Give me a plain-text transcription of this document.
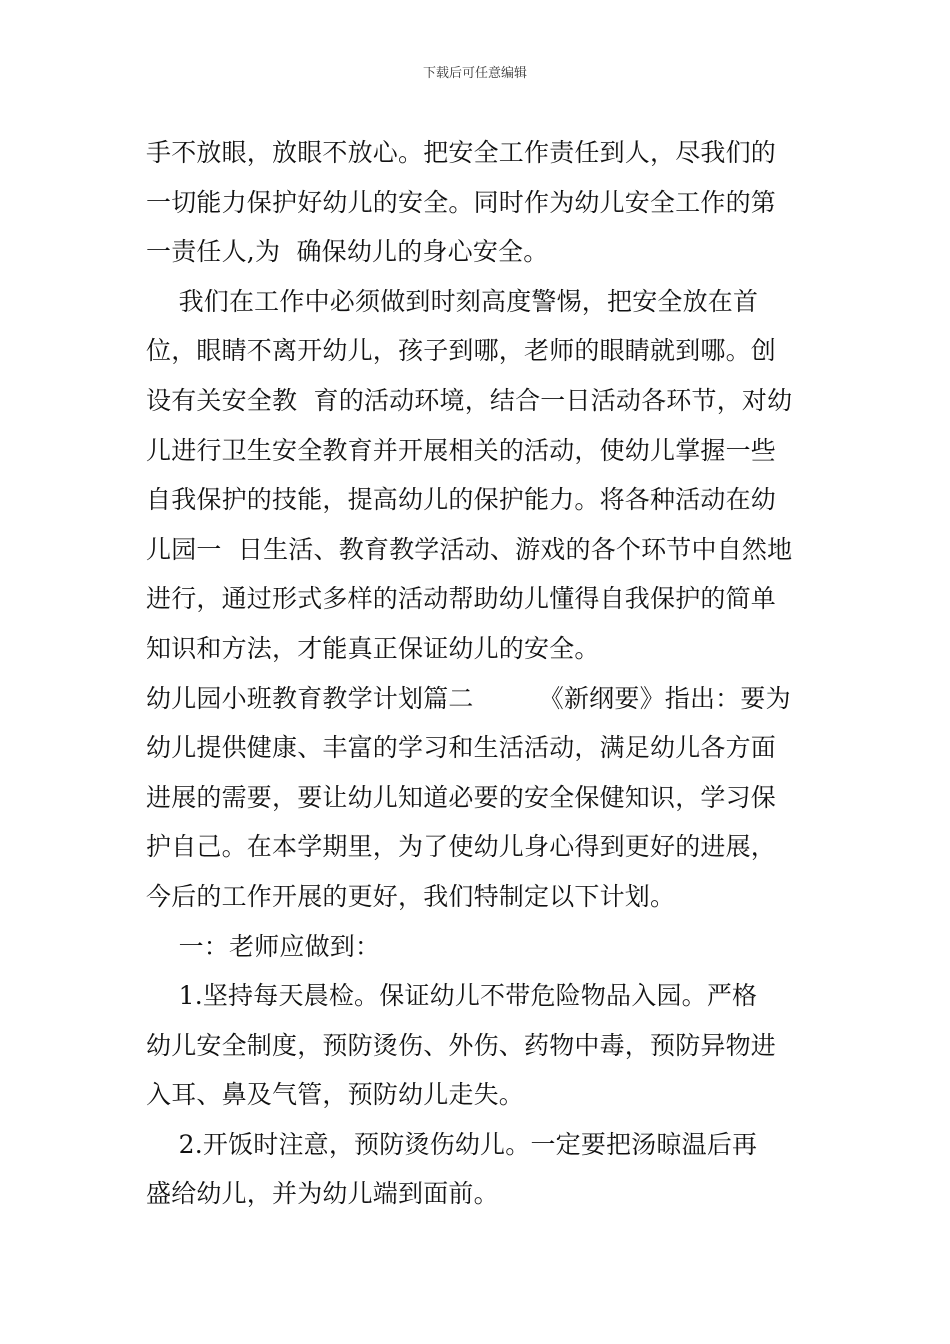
下载后可任意编辑
手不放眼，放眼不放心。把安全工作责任到人，尽我们的
一切能力保护好幼儿的安全。同时作为幼儿安全工作的第
一责任人,为  确保幼儿的身心安全。
我们在工作中必须做到时刻高度警惕，把安全放在首
位，眼睛不离开幼儿，孩子到哪，老师的眼睛就到哪。创
设有关安全教  育的活动环境，结合一日活动各环节，对幼
儿进行卫生安全教育并开展相关的活动，使幼儿掌握一些
自我保护的技能，提高幼儿的保护能力。将各种活动在幼
儿园一  日生活、教育教学活动、游戏的各个环节中自然地
进行，通过形式多样的活动帮助幼儿懂得自我保护的简单
知识和方法，才能真正保证幼儿的安全。
幼儿园小班教育教学计划篇二        《新纲要》指出：要为
幼儿提供健康、丰富的学习和生活活动，满足幼儿各方面
进展的需要，要让幼儿知道必要的安全保健知识，学习保
护自己。在本学期里，为了使幼儿身心得到更好的进展，
今后的工作开展的更好，我们特制定以下计划。
一：老师应做到：
1.坚持每天晨检。保证幼儿不带危险物品入园。严格
幼儿安全制度，预防烫伤、外伤、药物中毒，预防异物进
入耳、鼻及气管，预防幼儿走失。
2.开饭时注意，预防烫伤幼儿。一定要把汤晾温后再
盛给幼儿，并为幼儿端到面前。
